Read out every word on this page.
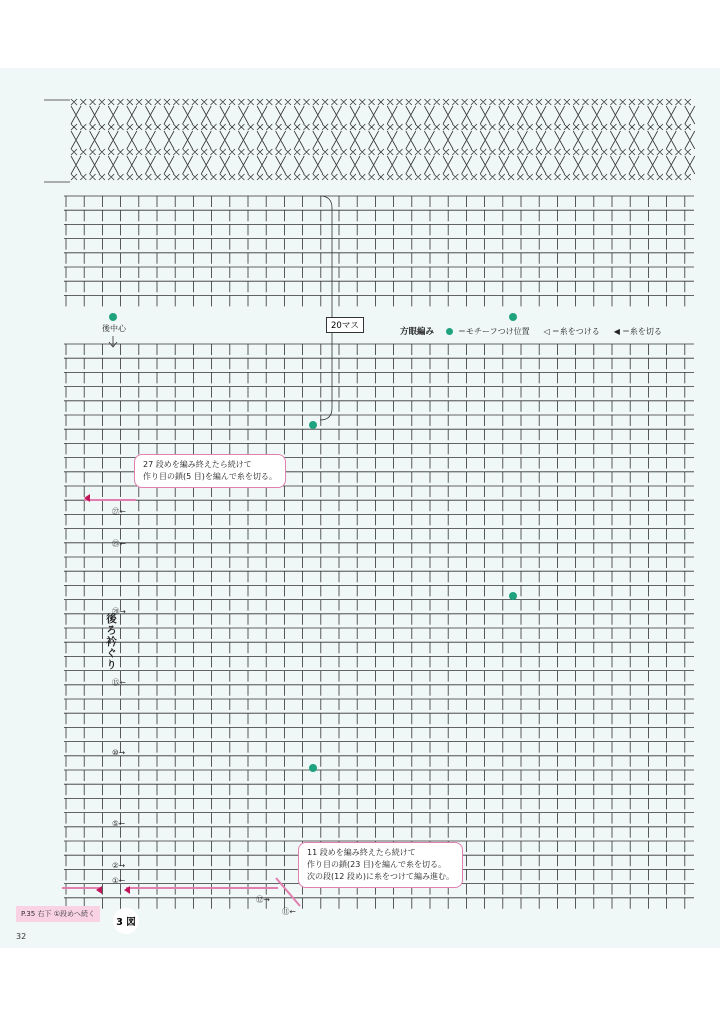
方眼編み	＝モチーフつけ位置 ◁ ＝糸をつける ◀ ＝糸を切る
後中心	20マス
27 段めを編み終えたら続けて
作り目の鎖(5 目)を編んで糸を切る。
11 段めを編み終えたら続けて
作り目の鎖(23 目)を編んで糸を切る。
次の段(12 段め)に糸をつけて編み進む。
後ろ衿ぐり
㉗←
㉕←
⑳→
⑮←
⑩→
⑤←
②→
①←
⑫→
⑪←
P.35 右下 ①段めへ続く
3 図
32
